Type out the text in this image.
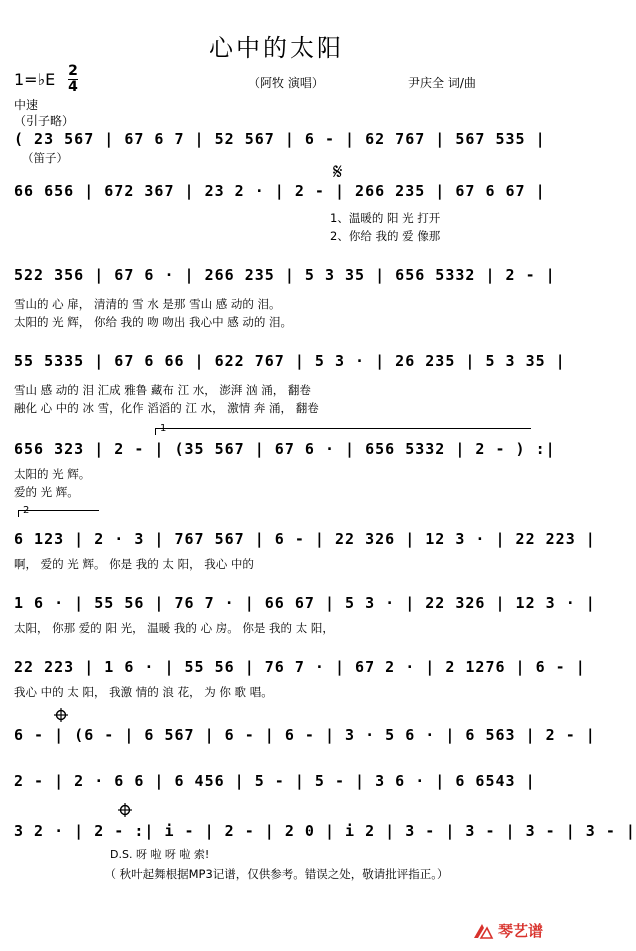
心中的太阳
1=♭E 2
4	（阿牧 演唱）	尹庆全 词/曲
中速
（引子略）
( 23 567 | 67 6 7 | 52 567 | 6 - | 62 767 | 567 535 |
（笛子）
66 656 | 672 367 | 23 2 · | 2 - | 266 235 | 67 6 67 |
𝄋
1、温暖的 阳 光 打开
2、你给 我的 爱 像那
522 356 | 67 6 · | 266 235 | 5 3 35 | 656 5332 | 2 - |
雪山的 心 扉， 清清的 雪 水 是那 雪山 感 动的 泪。
太阳的 光 辉， 你给 我的 吻 吻出 我心中 感 动的 泪。
55 5335 | 67 6 66 | 622 767 | 5 3 · | 26 235 | 5 3 35 |
雪山 感 动的 泪 汇成 雅鲁 藏布 江 水， 澎湃 汹 涌， 翻卷
融化 心 中的 冰 雪，化作 滔滔的 江 水， 激情 奔 涌， 翻卷
1
656 323 | 2 - | (35 567 | 67 6 · | 656 5332 | 2 - ) :|
太阳的 光 辉。
爱的 光 辉。
2
6 123 | 2 · 3 | 767 567 | 6 - | 22 326 | 12 3 · | 22 223 |
啊， 爱的 光 辉。 你是 我的 太 阳， 我心 中的
1 6 · | 55 56 | 76 7 · | 66 67 | 5 3 · | 22 326 | 12 3 · |
太阳， 你那 爱的 阳 光， 温暖 我的 心 房。 你是 我的 太 阳，
22 223 | 1 6 · | 55 56 | 76 7 · | 67 2 · | 2 1276 | 6 - |
我心 中的 太 阳， 我激 情的 浪 花， 为 你 歌 唱。
6 - | (6 - | 6 567 | 6 - | 6 - | 3 · 5 6 · | 6 563 | 2 - |
2 - | 2 · 6 6 | 6 456 | 5 - | 5 - | 3 6 · | 6 6543 |
3 2 · | 2 - :| i - | 2 - | 2 0 | i 2 | 3 - | 3 - | 3 - | 3 - |
D.S. 呀 啦 呀 啦 索!
（ 秋叶起舞根据MP3记谱，仅供参考。错误之处，敬请批评指正。）
琴艺谱
